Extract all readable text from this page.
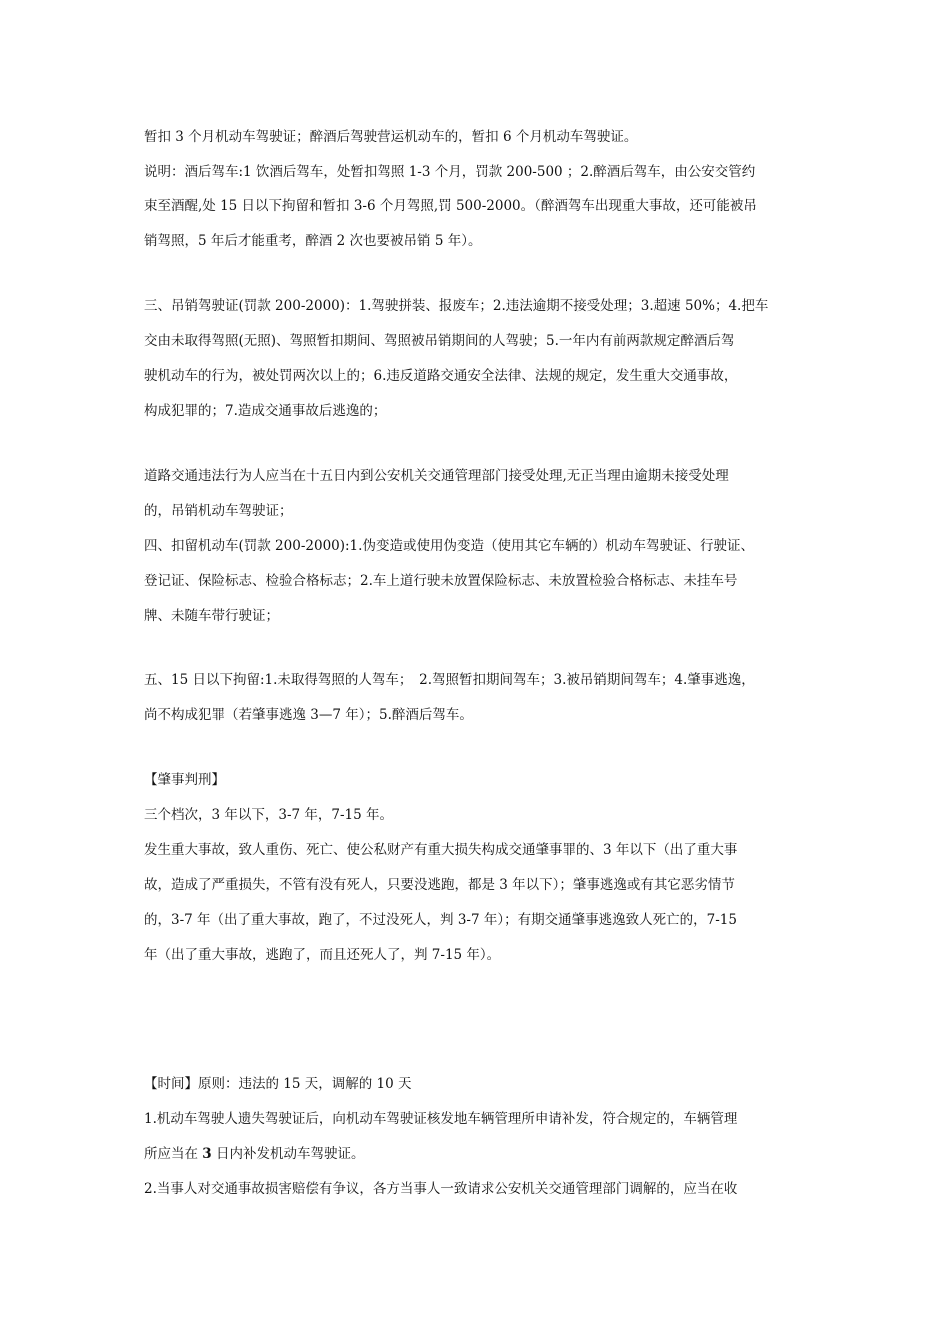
暂扣 3 个月机动车驾驶证；醉酒后驾驶营运机动车的，暂扣 6 个月机动车驾驶证。
说明：酒后驾车:1 饮酒后驾车，处暂扣驾照 1-3 个月，罚款 200-500 ；2.醉酒后驾车，由公安交管约
束至酒醒,处 15 日以下拘留和暂扣 3-6 个月驾照,罚 500-2000。（醉酒驾车出现重大事故，还可能被吊
销驾照，5 年后才能重考，醉酒 2 次也要被吊销 5 年）。
三、吊销驾驶证(罚款 200-2000)：1.驾驶拼装、报废车；2.违法逾期不接受处理；3.超速 50%；4.把车
交由未取得驾照(无照)、驾照暂扣期间、驾照被吊销期间的人驾驶；5.一年内有前两款规定醉酒后驾
驶机动车的行为，被处罚两次以上的；6.违反道路交通安全法律、法规的规定，发生重大交通事故，
构成犯罪的；7.造成交通事故后逃逸的；
道路交通违法行为人应当在十五日内到公安机关交通管理部门接受处理,无正当理由逾期未接受处理
的，吊销机动车驾驶证；
四、扣留机动车(罚款 200-2000):1.伪变造或使用伪变造（使用其它车辆的）机动车驾驶证、行驶证、
登记证、保险标志、检验合格标志；2.车上道行驶未放置保险标志、未放置检验合格标志、未挂车号
牌、未随车带行驶证；
五、15 日以下拘留:1.未取得驾照的人驾车；　2.驾照暂扣期间驾车；3.被吊销期间驾车；4.肇事逃逸，
尚不构成犯罪（若肇事逃逸 3—7 年）；5.醉酒后驾车。
【肇事判刑】
三个档次，3 年以下，3-7 年，7-15 年。
发生重大事故，致人重伤、死亡、使公私财产有重大损失构成交通肇事罪的、3 年以下（出了重大事
故，造成了严重损失，不管有没有死人，只要没逃跑，都是 3 年以下）；肇事逃逸或有其它恶劣情节
的，3-7 年（出了重大事故，跑了，不过没死人，判 3-7 年）；有期交通肇事逃逸致人死亡的，7-15
年（出了重大事故，逃跑了，而且还死人了，判 7-15 年）。
【时间】原则：违法的 15 天，调解的 10 天
1.机动车驾驶人遗失驾驶证后，向机动车驾驶证核发地车辆管理所申请补发，符合规定的，车辆管理
所应当在 3 日内补发机动车驾驶证。
2.当事人对交通事故损害赔偿有争议，各方当事人一致请求公安机关交通管理部门调解的，应当在收
